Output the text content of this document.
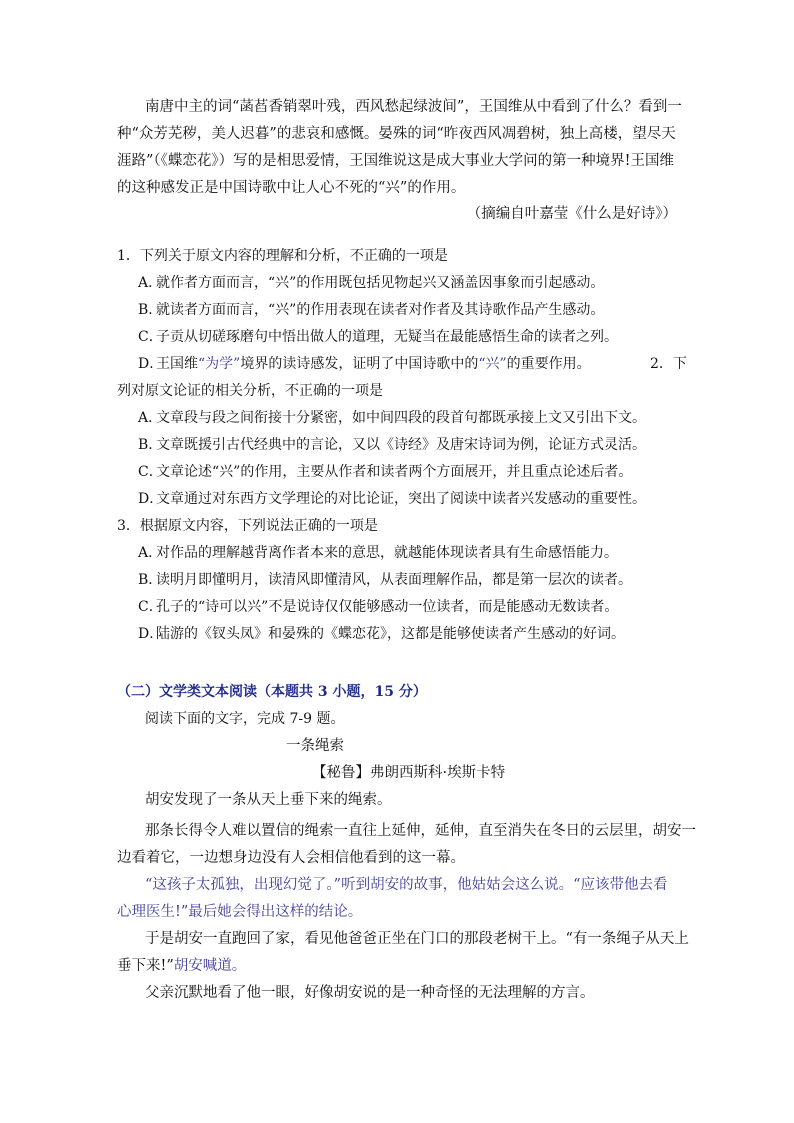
南唐中主的词“菡萏香销翠叶残，西风愁起绿波间”，王国维从中看到了什么？看到一
种“众芳芜秽，美人迟暮”的悲哀和感慨。晏殊的词“昨夜西风凋碧树，独上高楼，望尽天
涯路”（《蝶恋花》）写的是相思爱情，王国维说这是成大事业大学问的第一种境界!王国维
的这种感发正是中国诗歌中让人心不死的“兴”的作用。
（摘编自叶嘉莹《什么是好诗》）
1．下列关于原文内容的理解和分析，不正确的一项是
A．就作者方面而言，“兴”的作用既包括见物起兴又涵盖因事象而引起感动。
B．就读者方面而言，“兴”的作用表现在读者对作者及其诗歌作品产生感动。
C．子贡从切磋琢磨句中悟出做人的道理，无疑当在最能感悟生命的读者之列。
D．王国维“为学”境界的读诗感发，证明了中国诗歌中的“兴”的重要作用。	2．下
列对原文论证的相关分析，不正确的一项是
A．文章段与段之间衔接十分紧密，如中间四段的段首句都既承接上文又引出下文。
B．文章既援引古代经典中的言论，又以《诗经》及唐宋诗词为例，论证方式灵活。
C．文章论述“兴”的作用，主要从作者和读者两个方面展开，并且重点论述后者。
D．文章通过对东西方文学理论的对比论证，突出了阅读中读者兴发感动的重要性。
3．根据原文内容，下列说法正确的一项是
A．对作品的理解越背离作者本来的意思，就越能体现读者具有生命感悟能力。
B．读明月即懂明月，读清风即懂清风，从表面理解作品，都是第一层次的读者。
C．孔子的“诗可以兴”不是说诗仅仅能够感动一位读者，而是能感动无数读者。
D．陆游的《钗头凤》和晏殊的《蝶恋花》，这都是能够使读者产生感动的好词。
（二）文学类文本阅读（本题共 3 小题，15 分）
阅读下面的文字，完成 7-9 题。
一条绳索
【秘鲁】弗朗西斯科·埃斯卡特
胡安发现了一条从天上垂下来的绳索。
那条长得令人难以置信的绳索一直往上延伸，延伸，直至消失在冬日的云层里，胡安一
边看着它，一边想身边没有人会相信他看到的这一幕。
“这孩子太孤独，出现幻觉了。”听到胡安的故事，他姑姑会这么说。“应该带他去看
心理医生!”最后她会得出这样的结论。
于是胡安一直跑回了家，看见他爸爸正坐在门口的那段老树干上。“有一条绳子从天上
垂下来!”胡安喊道。
父亲沉默地看了他一眼，好像胡安说的是一种奇怪的无法理解的方言。
